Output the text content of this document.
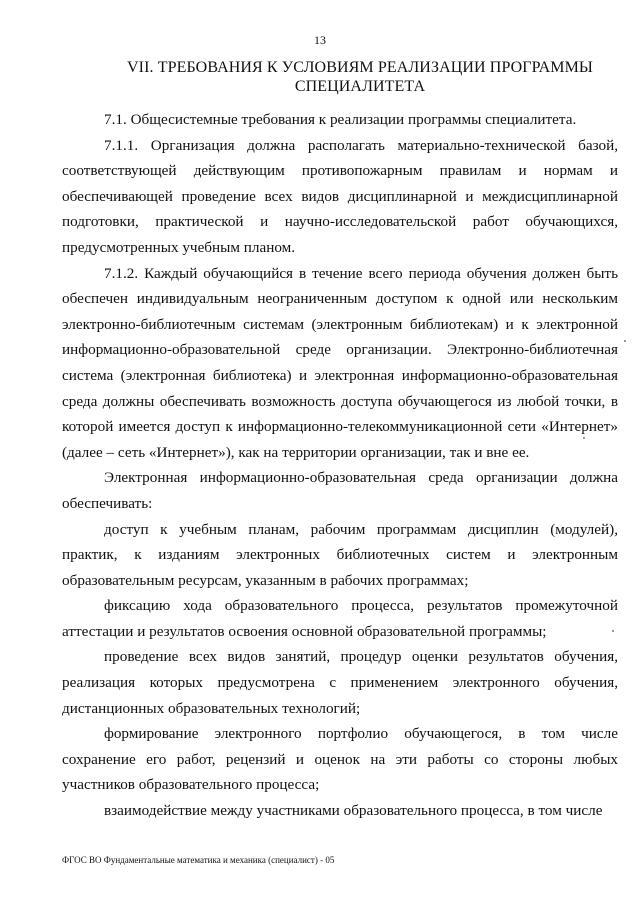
13
VII. ТРЕБОВАНИЯ К УСЛОВИЯМ РЕАЛИЗАЦИИ ПРОГРАММЫ
СПЕЦИАЛИТЕТА

7.1. Общесистемные требования к реализации программы специалитета.

7.1.1. Организация должна располагать материально-технической базой, соответствующей действующим противопожарным правилам и нормам и обеспечивающей проведение всех видов дисциплинарной и междисциплинарной подготовки, практической и научно-исследовательской работ обучающихся, предусмотренных учебным планом.

7.1.2. Каждый обучающийся в течение всего периода обучения должен быть обеспечен индивидуальным неограниченным доступом к одной или нескольким электронно-библиотечным системам (электронным библиотекам) и к электронной информационно-образовательной среде организации. Электронно-библиотечная система (электронная библиотека) и электронная информационно-образовательная среда должны обеспечивать возможность доступа обучающегося из любой точки, в которой имеется доступ к информационно-телекоммуникационной сети «Интернет» (далее – сеть «Интернет»), как на территории организации, так и вне ее.

Электронная информационно-образовательная среда организации должна обеспечивать:

доступ к учебным планам, рабочим программам дисциплин (модулей), практик, к изданиям электронных библиотечных систем и электронным образовательным ресурсам, указанным в рабочих программах;

фиксацию хода образовательного процесса, результатов промежуточной аттестации и результатов освоения основной образовательной программы;

проведение всех видов занятий, процедур оценки результатов обучения, реализация которых предусмотрена с применением электронного обучения, дистанционных образовательных технологий;

формирование электронного портфолио обучающегося, в том числе сохранение его работ, рецензий и оценок на эти работы со стороны любых участников образовательного процесса;

взаимодействие между участниками образовательного процесса, в том числе

ФГОС ВО Фундаментальные математика и механика (специалист) - 05
